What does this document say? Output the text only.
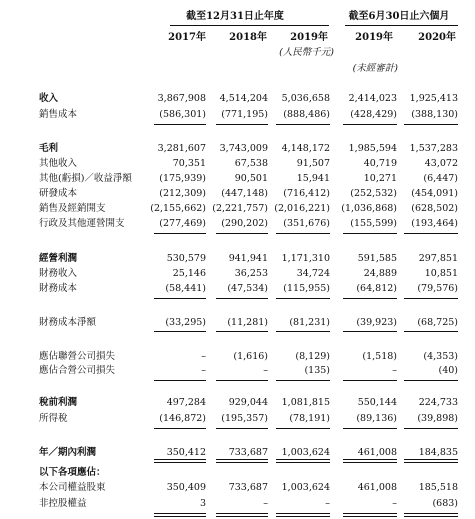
截至12月31日止年度	截至6月30日止六個月
2017年 2018年 2019年	2019年	2020年
(人民幣千元)
(未經審計)
收入	3,867,908 4,514,204 5,036,658 2,414,023 1,925,413
銷售成本	(586,301) (771,195) (888,486) (428,429) (388,130)
毛利	3,281,607 3,743,009 4,148,172 1,985,594 1,537,283
其他收入	70,351	67,538	91,507	40,719	43,072
其他(虧損)／收益淨額	(175,939)	90,501	15,941	10,271	(6,447)
研發成本	(212,309) (447,148) (716,412) (252,532) (454,091)
銷售及經銷開支	(2,155,662) (2,221,757) (2,016,221) (1,036,868) (628,502)
行政及其他運營開支	(277,469) (290,202) (351,676) (155,599) (193,464)
經營利潤	530,579 941,941 1,171,310	591,585 297,851
財務收入	25,146	36,253	34,724	24,889	10,851
財務成本	(58,441) (47,534) (115,955)	(64,812) (79,576)
財務成本淨額	(33,295) (11,281) (81,231)	(39,923) (68,725)
應佔聯營公司損失	–	(1,616)	(8,129)	(1,518)	(4,353)
應佔合營公司損失	–	–	(135)	–	(40)
稅前利潤	497,284 929,044 1,081,815	550,144 224,733
所得稅	(146,872) (195,357) (78,191)	(89,136) (39,898)
年／期內利潤	350,412 733,687 1,003,624	461,008 184,835
以下各項應佔：
本公司權益股東	350,409 733,687 1,003,624	461,008 185,518
非控股權益	3	–	–	–	(683)
